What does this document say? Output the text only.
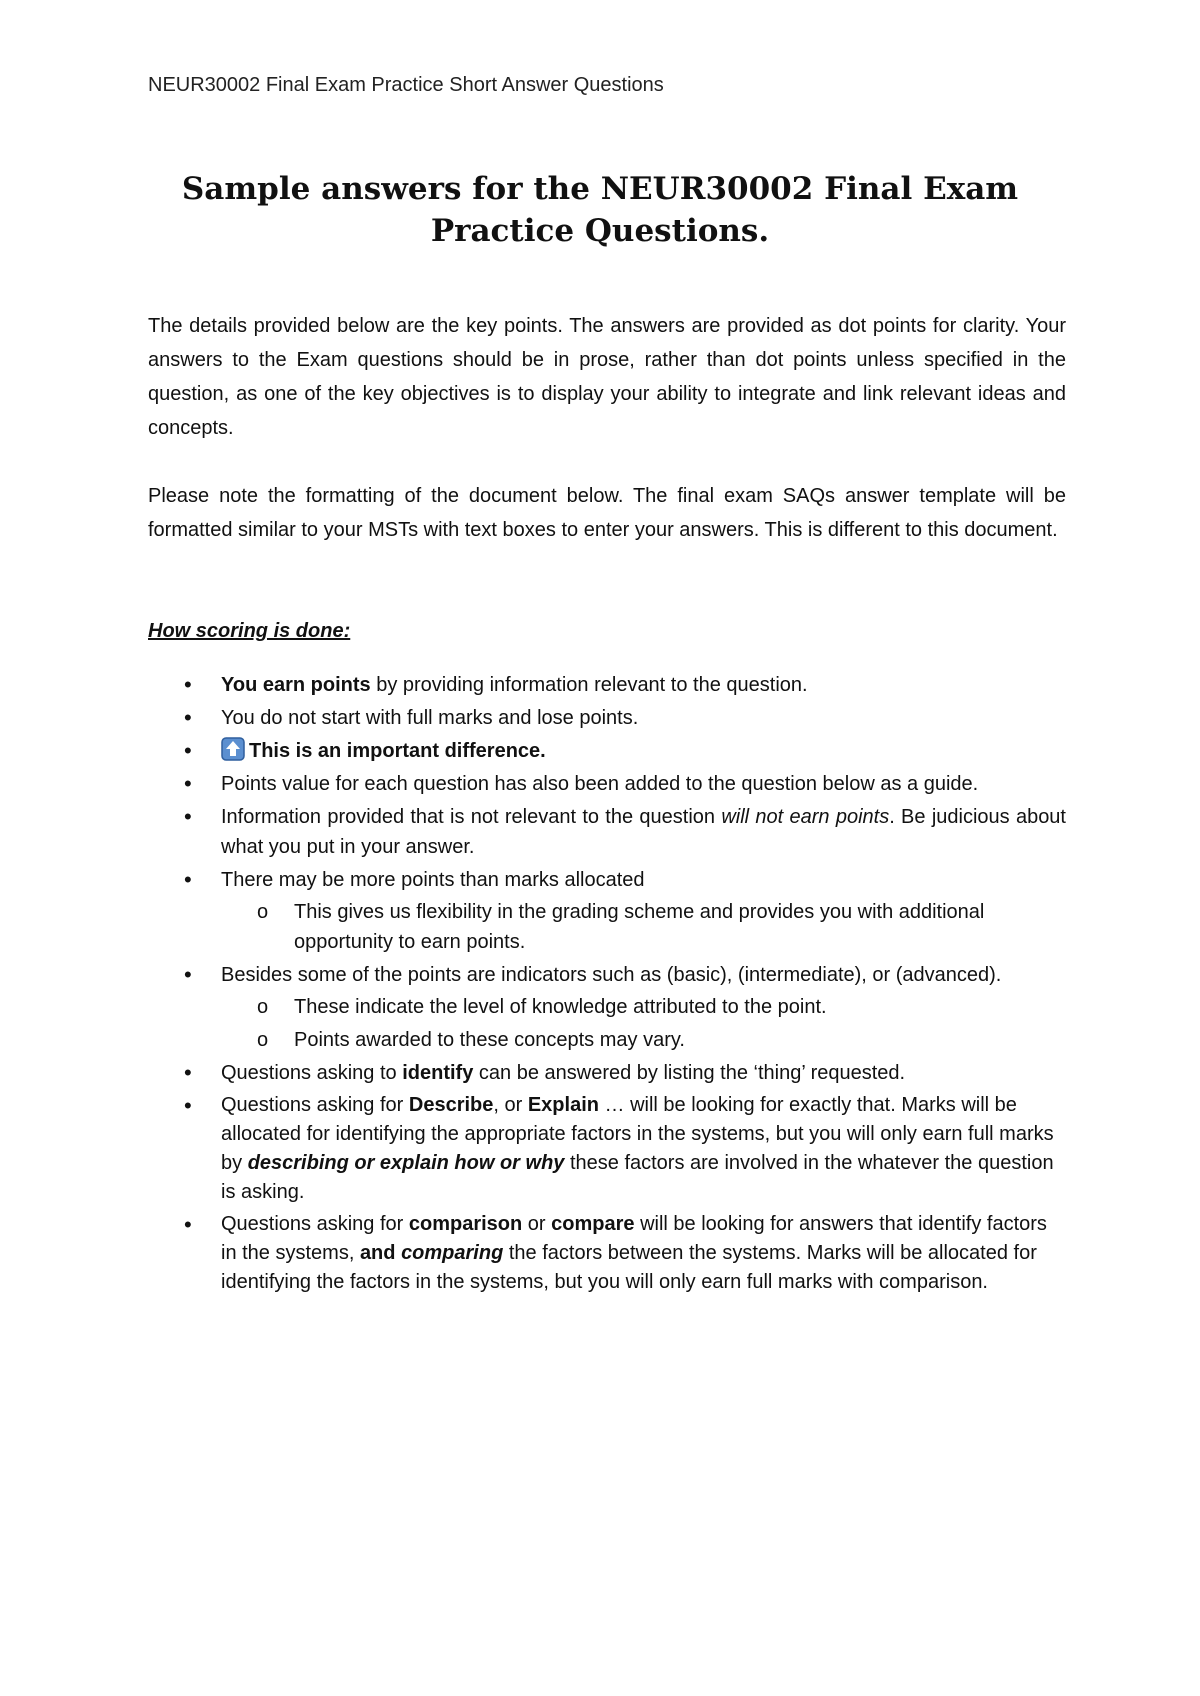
NEUR30002 Final Exam Practice Short Answer Questions
Sample answers for the NEUR30002 Final Exam
Practice Questions.
The details provided below are the key points. The answers are provided as dot points for clarity. Your answers to the Exam questions should be in prose, rather than dot points unless specified in the question, as one of the key objectives is to display your ability to integrate and link relevant ideas and concepts.
Please note the formatting of the document below. The final exam SAQs answer template will be formatted similar to your MSTs with text boxes to enter your answers. This is different to this document.
How scoring is done:
• You earn points by providing information relevant to the question.
• You do not start with full marks and lose points.
• This is an important difference.
• Points value for each question has also been added to the question below as a guide.
• Information provided that is not relevant to the question will not earn points. Be judicious about what you put in your answer.
• There may be more points than marks allocated
o This gives us flexibility in the grading scheme and provides you with additional opportunity to earn points.
• Besides some of the points are indicators such as (basic), (intermediate), or (advanced).
o These indicate the level of knowledge attributed to the point.
o Points awarded to these concepts may vary.
• Questions asking to identify can be answered by listing the ‘thing’ requested.
• Questions asking for Describe, or Explain … will be looking for exactly that. Marks will be allocated for identifying the appropriate factors in the systems, but you will only earn full marks by describing or explain how or why these factors are involved in the whatever the question is asking.
• Questions asking for comparison or compare will be looking for answers that identify factors in the systems, and comparing the factors between the systems. Marks will be allocated for identifying the factors in the systems, but you will only earn full marks with comparison.
